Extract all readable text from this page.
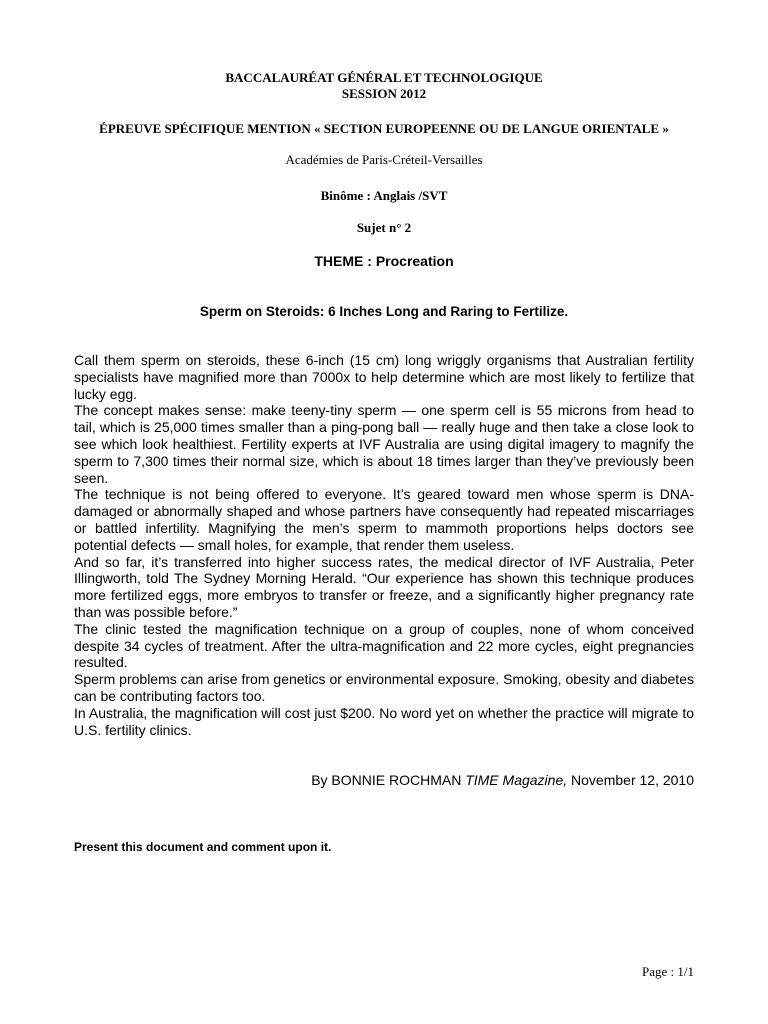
BACCALAURÉAT GÉNÉRAL ET TECHNOLOGIQUE

SESSION 2012

ÉPREUVE SPÉCIFIQUE MENTION « SECTION EUROPEENNE OU DE LANGUE ORIENTALE »

Académies de Paris-Créteil-Versailles

Binôme : Anglais /SVT

Sujet n° 2

THEME : Procreation

Sperm on Steroids: 6 Inches Long and Raring to Fertilize.

Call them sperm on steroids, these 6-inch (15 cm) long wriggly organisms that Australian fertility specialists have magnified more than 7000x to help determine which are most likely to fertilize that lucky egg.

The concept makes sense: make teeny-tiny sperm — one sperm cell is 55 microns from head to tail, which is 25,000 times smaller than a ping-pong ball — really huge and then take a close look to see which look healthiest. Fertility experts at IVF Australia are using digital imagery to magnify the sperm to 7,300 times their normal size, which is about 18 times larger than they’ve previously been seen.

The technique is not being offered to everyone. It’s geared toward men whose sperm is DNA-damaged or abnormally shaped and whose partners have consequently had repeated miscarriages or battled infertility. Magnifying the men’s sperm to mammoth proportions helps doctors see potential defects — small holes, for example, that render them useless.

And so far, it’s transferred into higher success rates, the medical director of IVF Australia, Peter Illingworth, told The Sydney Morning Herald. “Our experience has shown this technique produces more fertilized eggs, more embryos to transfer or freeze, and a significantly higher pregnancy rate than was possible before.”

The clinic tested the magnification technique on a group of couples, none of whom conceived despite 34 cycles of treatment. After the ultra-magnification and 22 more cycles, eight pregnancies resulted.

Sperm problems can arise from genetics or environmental exposure. Smoking, obesity and diabetes can be contributing factors too.

In Australia, the magnification will cost just $200. No word yet on whether the practice will migrate to U.S. fertility clinics.

By BONNIE ROCHMAN TIME Magazine, November 12, 2010

Present this document and comment upon it.

Page : 1/1
